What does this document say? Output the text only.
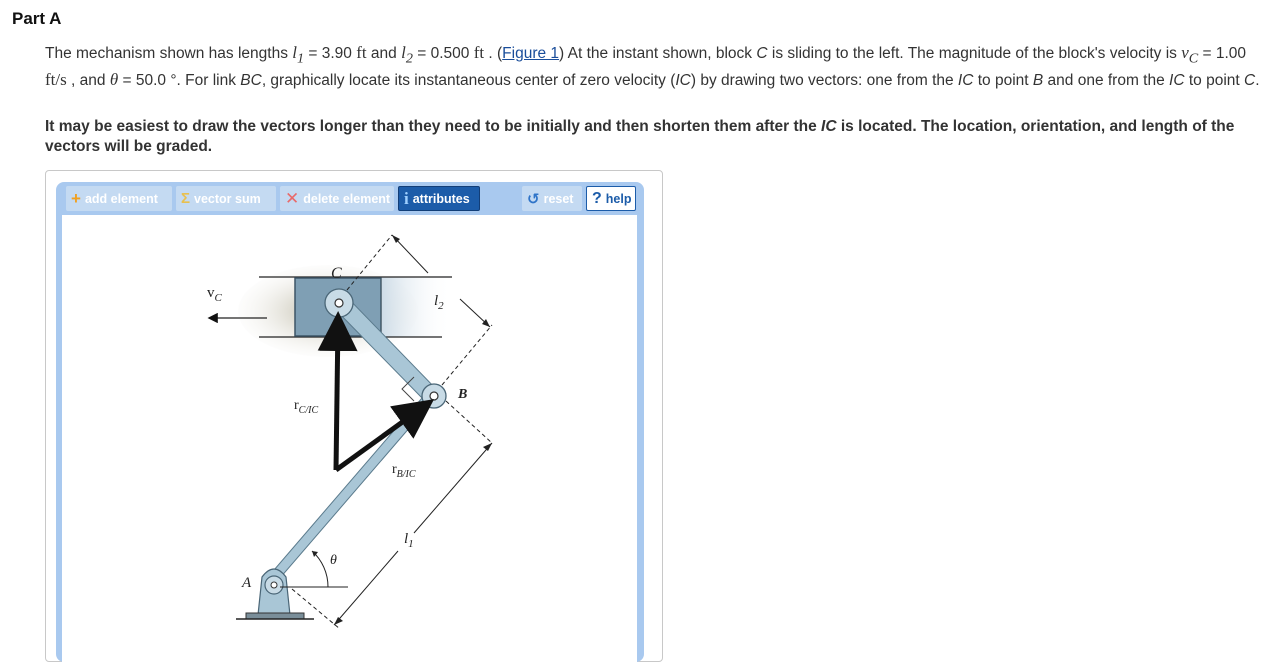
Part A
The mechanism shown has lengths $l_1 = 3.90$ ft and $l_2 = 0.500$ ft . (Figure 1) At the instant shown, block C is sliding to the left. The magnitude of the block's velocity is $v_C = 1.00$ ft/s , and θ = 50.0 °. For link BC, graphically locate its instantaneous center of zero velocity (IC) by drawing two vectors: one from the IC to point B and one from the IC to point C.
It may be easiest to draw the vectors longer than they need to be initially and then shorten them after the IC is located. The location, orientation, and length of the vectors will be graded.
+ add element Σ vector sum ✕ delete element i attributes	↺ reset ? help
C
B
A
$v_C$	$l_2$
$l_1$
θ
$r_{C/IC}$
$r_{B/IC}$
